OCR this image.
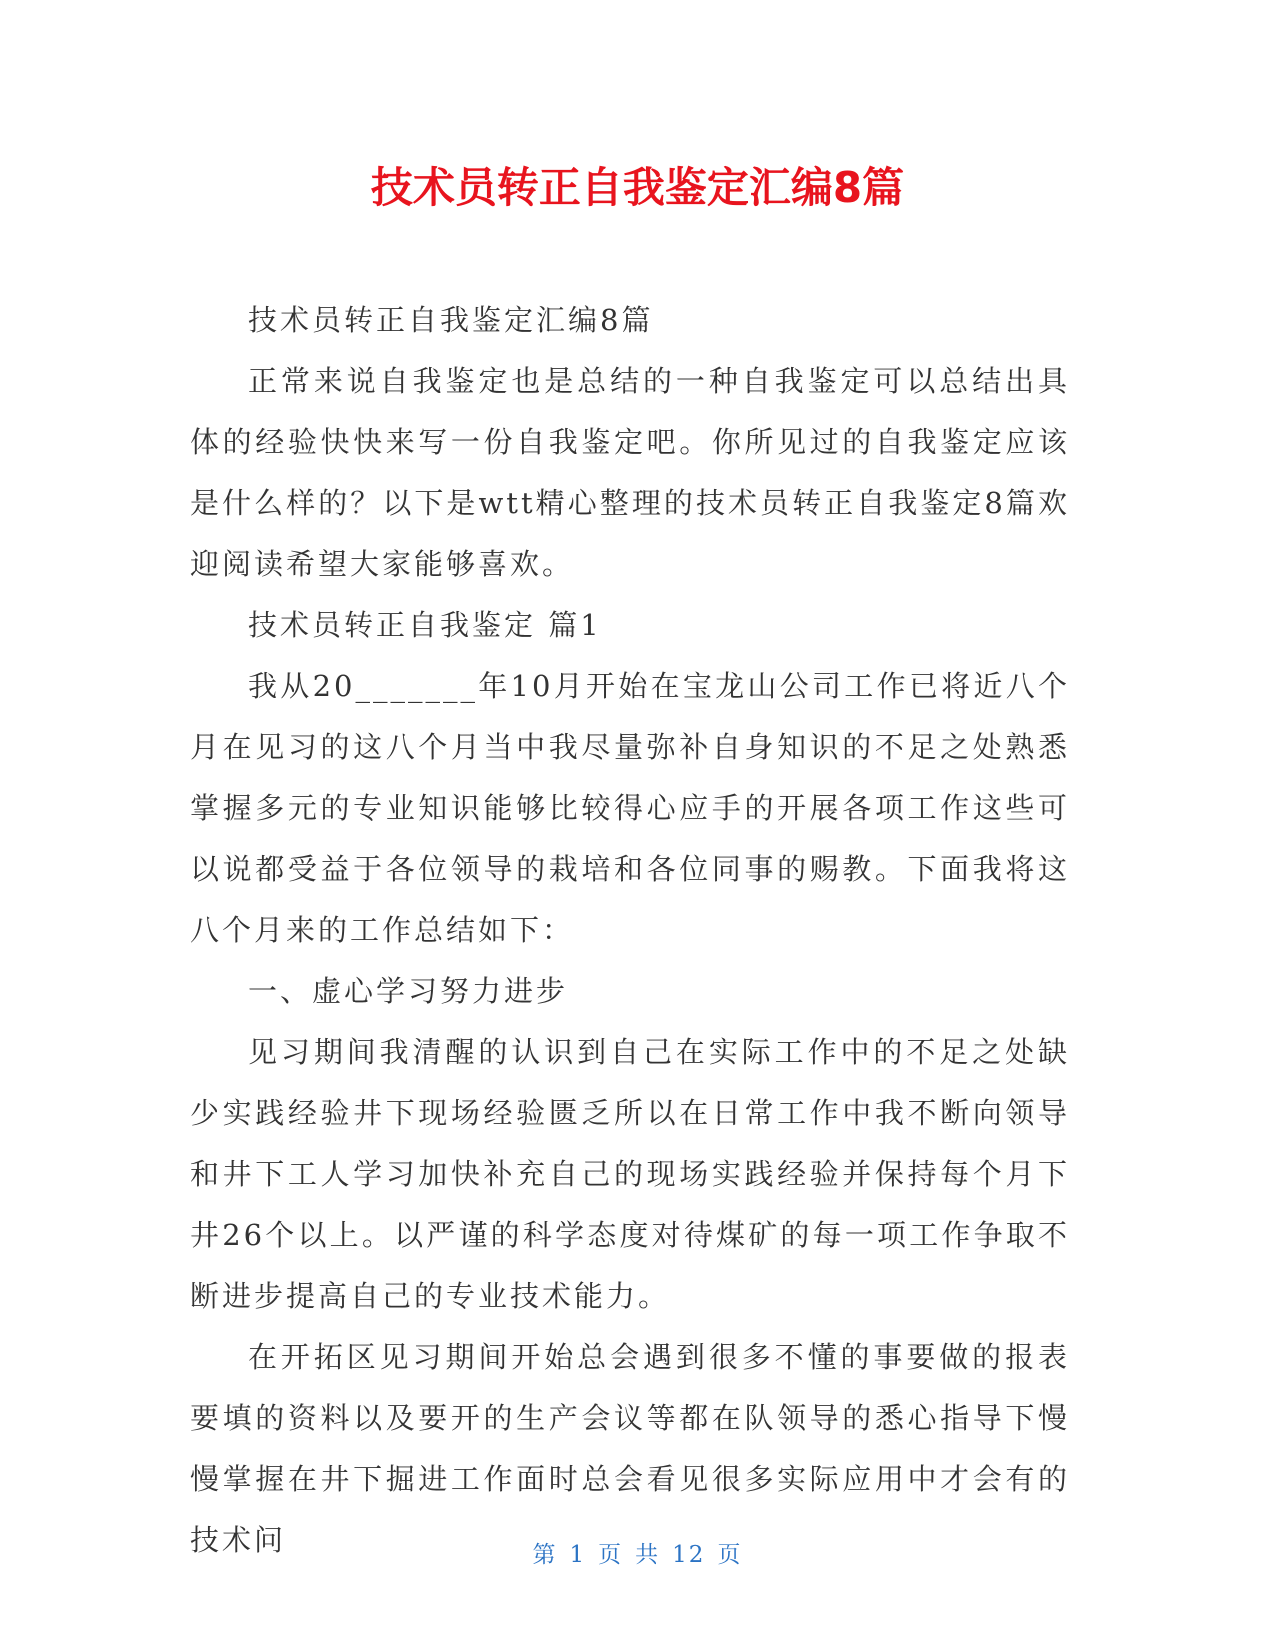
技术员转正自我鉴定汇编8篇

技术员转正自我鉴定汇编8篇

正常来说自我鉴定也是总结的一种自我鉴定可以总结出具体的经验快快来写一份自我鉴定吧。你所见过的自我鉴定应该是什么样的？以下是wtt精心整理的技术员转正自我鉴定8篇欢迎阅读希望大家能够喜欢。

技术员转正自我鉴定 篇1

我从20_______年10月开始在宝龙山公司工作已将近八个月在见习的这八个月当中我尽量弥补自身知识的不足之处熟悉掌握多元的专业知识能够比较得心应手的开展各项工作这些可以说都受益于各位领导的栽培和各位同事的赐教。下面我将这八个月来的工作总结如下：

一、虚心学习努力进步

见习期间我清醒的认识到自己在实际工作中的不足之处缺少实践经验井下现场经验匮乏所以在日常工作中我不断向领导和井下工人学习加快补充自己的现场实践经验并保持每个月下井26个以上。以严谨的科学态度对待煤矿的每一项工作争取不断进步提高自己的专业技术能力。

在开拓区见习期间开始总会遇到很多不懂的事要做的报表要填的资料以及要开的生产会议等都在队领导的悉心指导下慢慢掌握在井下掘进工作面时总会看见很多实际应用中才会有的技术问	第 1 页 共 12 页
